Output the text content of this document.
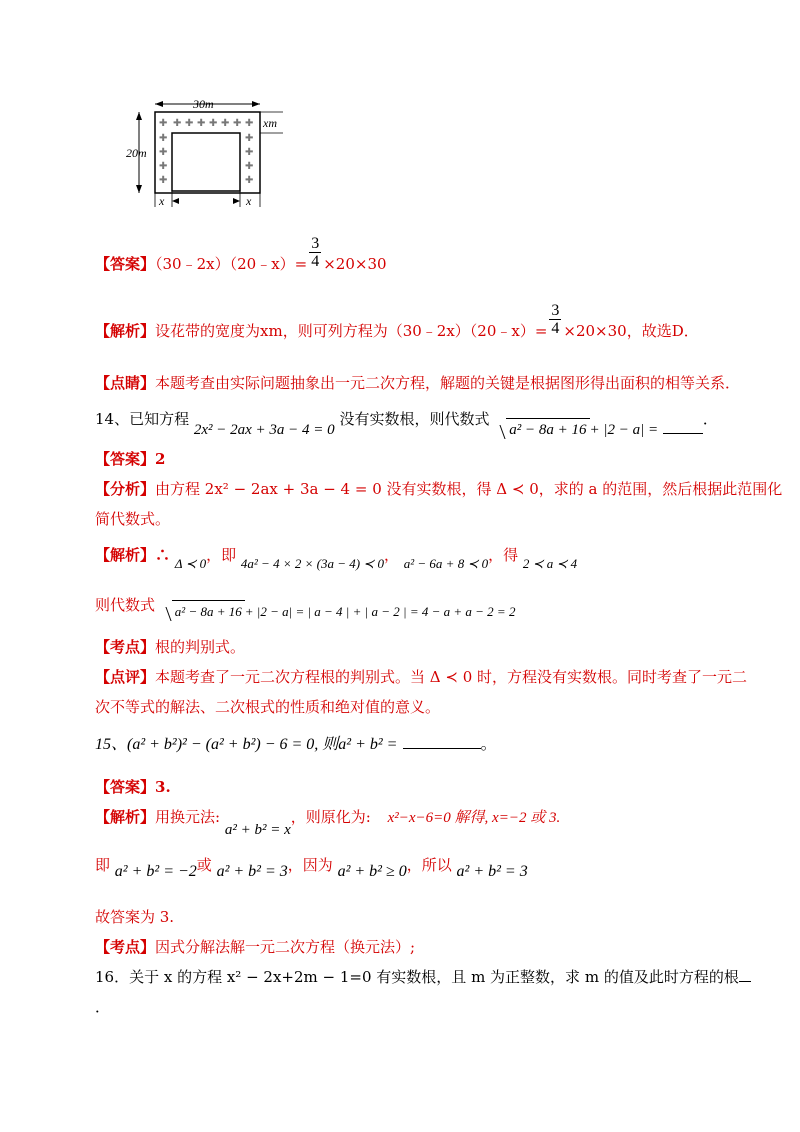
30m
20m
xm
x	x
✚ ✚ ✚ ✚ ✚ ✚
✚	✚
✚
✚
✚
✚
✚
✚
✚
✚
【答案】（30﹣2x）（20﹣x）= $\frac{3}{4} \times 20\times 30$
【解析】设花带的宽度为xm，则可列方程为（30﹣2x）（20﹣x）= $\frac{3}{4} \times 20\times 30$，故选D．
【点睛】本题考查由实际问题抽象出一元二次方程，解题的关键是根据图形得出面积的相等关系．
14、已知方程 2x² − 2ax + 3a − 4 = 0 没有实数根，则代数式 a² − 8a + 16 + |2 − a| = ．
【答案】2
【分析】由方程 2x² − 2ax + 3a − 4 = 0 没有实数根，得 Δ ≺ 0，求的 a 的范围，然后根据此范围化
简代数式。
【解析】∴ Δ ≺ 0，即 4a² − 4 × 2 × (3a − 4) ≺ 0， a² − 6a + 8 ≺ 0，得 2 ≺ a ≺ 4
则代数式 a² − 8a + 16 + |2 − a| = | a − 4 | + | a − 2 | = 4 − a + a − 2 = 2
【考点】根的判别式。
【点评】本题考查了一元二次方程根的判别式。当 Δ ≺ 0 时，方程没有实数根。同时考查了一元二
次不等式的解法、二次根式的性质和绝对值的意义。
15、(a² + b²)² − (a² + b²) − 6 = 0, 则a² + b² =	。
【答案】3.
【解析】用换元法: a² + b² = x，则原化为: x²−x−6=0 解得, x=−2 或 3.
即 a² + b² = −2或 a² + b² = 3，因为 a² + b² ≥ 0，所以 a² + b² = 3
故答案为 3.
【考点】因式分解法解一元二次方程（换元法）;
16．关于 x 的方程 x² − 2x+2m − 1=0 有实数根，且 m 为正整数，求 m 的值及此时方程的根
．
